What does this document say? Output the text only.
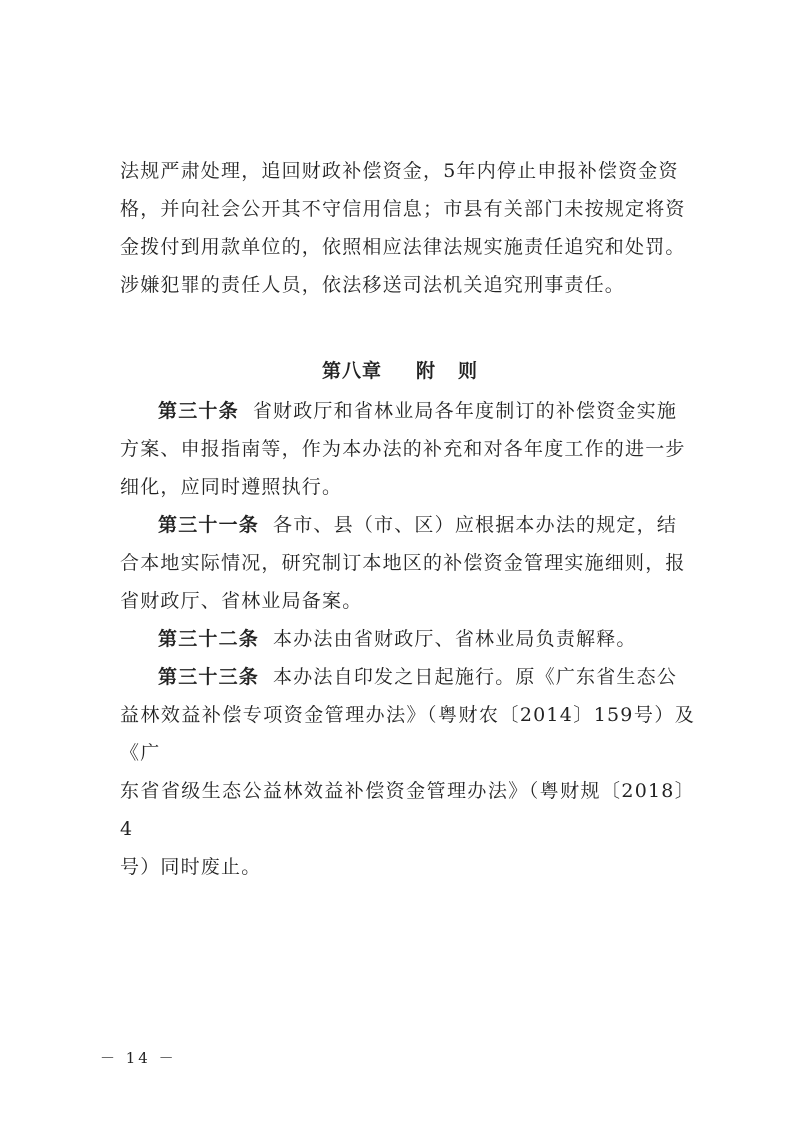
法规严肃处理，追回财政补偿资金，5年内停止申报补偿资金资

格，并向社会公开其不守信用信息；市县有关部门未按规定将资

金拨付到用款单位的，依照相应法律法规实施责任追究和处罚。

涉嫌犯罪的责任人员，依法移送司法机关追究刑事责任。

第八章 附 则

第三十条 省财政厅和省林业局各年度制订的补偿资金实施

方案、申报指南等，作为本办法的补充和对各年度工作的进一步

细化，应同时遵照执行。

第三十一条 各市、县（市、区）应根据本办法的规定，结

合本地实际情况，研究制订本地区的补偿资金管理实施细则，报

省财政厅、省林业局备案。

第三十二条 本办法由省财政厅、省林业局负责解释。

第三十三条 本办法自印发之日起施行。原《广东省生态公

益林效益补偿专项资金管理办法》（粤财农〔2014〕159号）及《广

东省省级生态公益林效益补偿资金管理办法》（粤财规〔2018〕4

号）同时废止。

－ 14 －
